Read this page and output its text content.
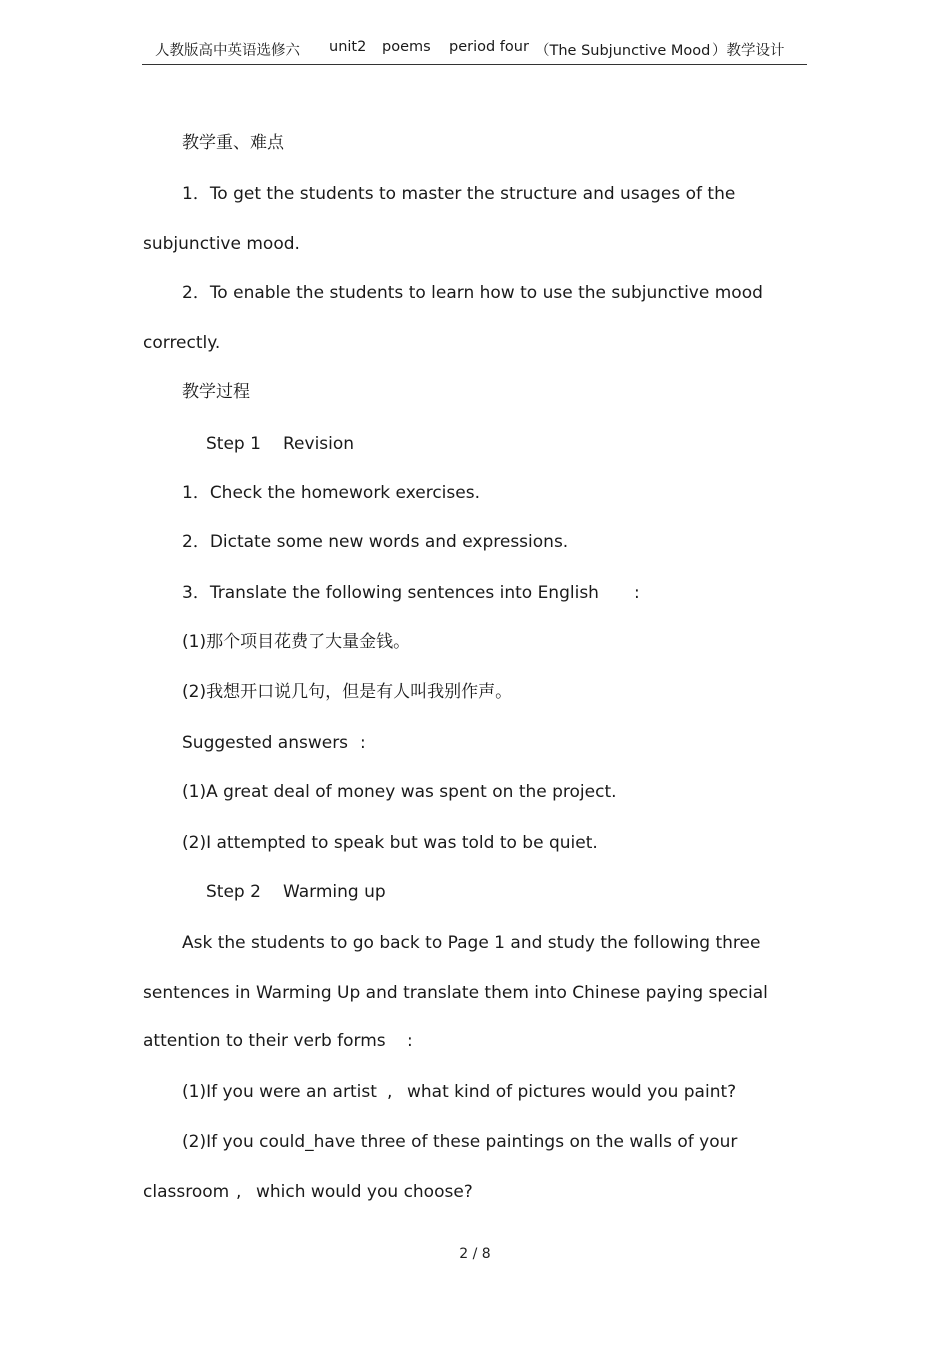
人教版高中英语选修六 unit2 poems period four （The Subjunctive Mood ）教学设计
教学重、难点
1．To get the students to master the structure and usages of the
subjunctive mood.
2．To enable the students to learn how to use the subjunctive mood
correctly.
教学过程
Step 1 Revision
1．Check the homework exercises.
2．Dictate some new words and expressions.
3．Translate the following sentences into English :
(1)那个项目花费了大量金钱。
(2)我想开口说几句，但是有人叫我别作声。
Suggested answers :
(1)A great deal of money was spent on the project.
(2)I attempted to speak but was told to be quiet.
Step 2 Warming up
Ask the students to go back to Page 1 and study the following three
sentences in Warming Up and translate them into Chinese paying special
attention to their verb forms :
(1)If you were an artist , what kind of pictures would you paint?
(2)If you could_have three of these paintings on the walls of your
classroom , which would you choose?
2 / 8
